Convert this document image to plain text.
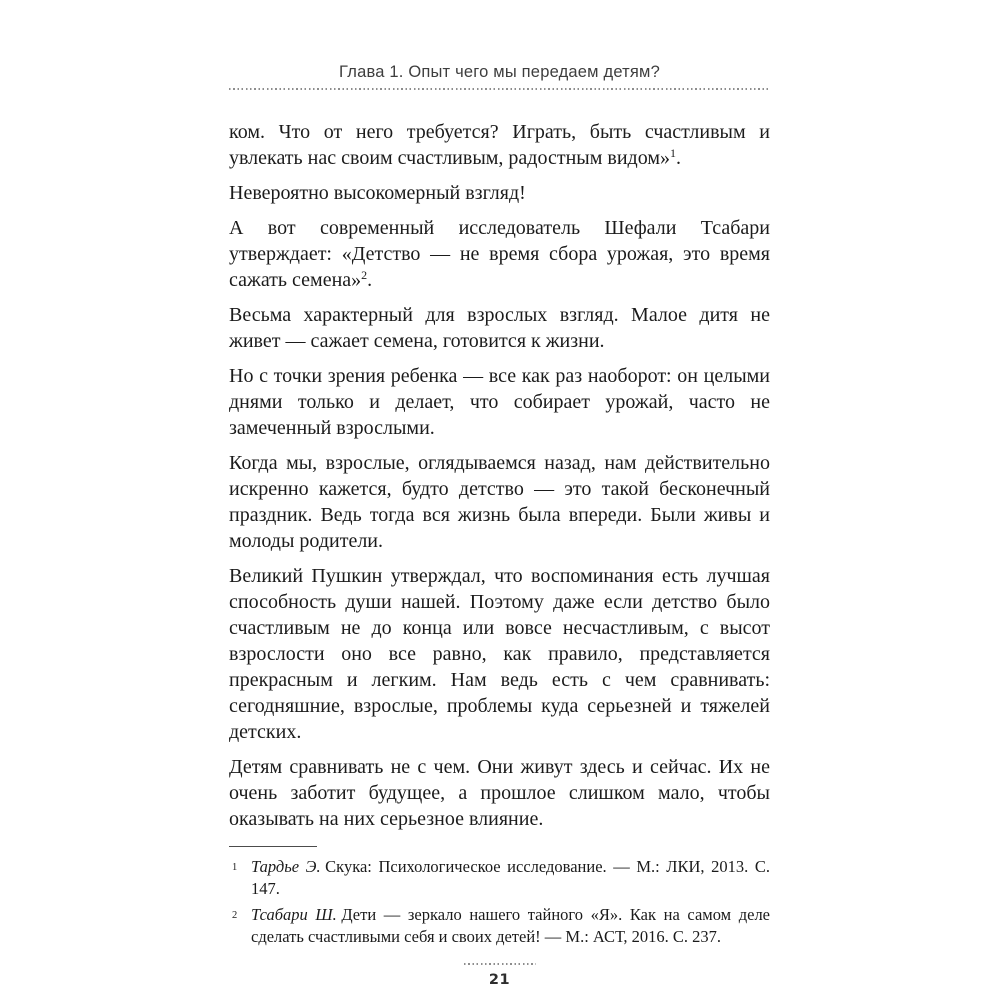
Глава 1. Опыт чего мы передаем детям?

ком. Что от него требуется? Играть, быть счастливым и увлекать нас своим счастливым, радостным видом»$^1$.

Невероятно высокомерный взгляд!

А вот современный исследователь Шефали Тсабари утверждает: «Детство — не время сбора урожая, это время сажать семена»$^2$.

Весьма характерный для взрослых взгляд. Малое дитя не живет — сажает семена, готовится к жизни.

Но с точки зрения ребенка — все как раз наоборот: он целыми днями только и делает, что собирает урожай, часто не замеченный взрослыми.

Когда мы, взрослые, оглядываемся назад, нам действительно искренно кажется, будто детство — это такой бесконечный праздник. Ведь тогда вся жизнь была впереди. Были живы и молоды родители.

Великий Пушкин утверждал, что воспоминания есть лучшая способность души нашей. Поэтому даже если детство было счастливым не до конца или вовсе несчастливым, с высот взрослости оно все равно, как правило, представляется прекрасным и легким. Нам ведь есть с чем сравнивать: сегодняшние, взрослые, проблемы куда серьезней и тяжелей детских.

Детям сравнивать не с чем. Они живут здесь и сейчас. Их не очень заботит будущее, а прошлое слишком мало, чтобы оказывать на них серьезное влияние.

1 Тардье Э. Скука: Психологическое исследование. — М.: ЛКИ, 2013. С. 147.
2 Тсабари Ш. Дети — зеркало нашего тайного «Я». Как на самом деле сделать счастливыми себя и своих детей! — М.: АСТ, 2016. С. 237.
21
